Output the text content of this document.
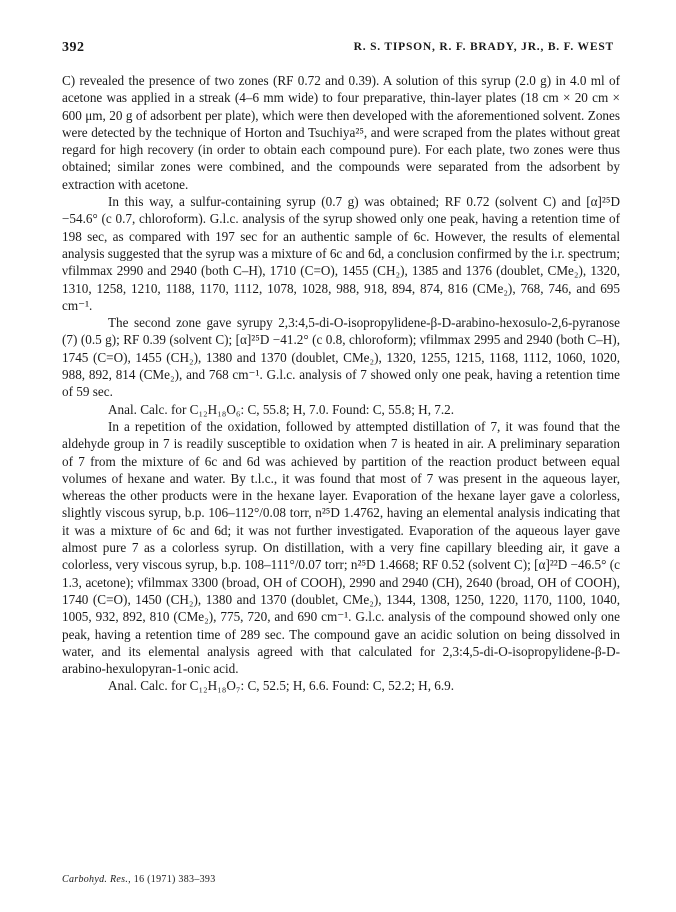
392	R. S. TIPSON, R. F. BRADY, JR., B. F. WEST

C) revealed the presence of two zones (RF 0.72 and 0.39). A solution of this syrup (2.0 g) in 4.0 ml of acetone was applied in a streak (4–6 mm wide) to four preparative, thin-layer plates (18 cm × 20 cm × 600 μm, 20 g of adsorbent per plate), which were then developed with the aforementioned solvent. Zones were detected by the technique of Horton and Tsuchiya²⁵, and were scraped from the plates without great regard for high recovery (in order to obtain each compound pure). For each plate, two zones were thus obtained; similar zones were combined, and the compounds were separated from the adsorbent by extraction with acetone.

In this way, a sulfur-containing syrup (0.7 g) was obtained; RF 0.72 (solvent C) and [α]²⁵D −54.6° (c 0.7, chloroform). G.l.c. analysis of the syrup showed only one peak, having a retention time of 198 sec, as compared with 197 sec for an authentic sample of 6c. However, the results of elemental analysis suggested that the syrup was a mixture of 6c and 6d, a conclusion confirmed by the i.r. spectrum; νfilmmax 2990 and 2940 (both C–H), 1710 (C=O), 1455 (CH₂), 1385 and 1376 (doublet, CMe₂), 1320, 1310, 1258, 1210, 1188, 1170, 1112, 1078, 1028, 988, 918, 894, 874, 816 (CMe₂), 768, 746, and 695 cm⁻¹.

The second zone gave syrupy 2,3:4,5-di-O-isopropylidene-β-D-arabino-hexosulo-2,6-pyranose (7) (0.5 g); RF 0.39 (solvent C); [α]²⁵D −41.2° (c 0.8, chloroform); νfilmmax 2995 and 2940 (both C–H), 1745 (C=O), 1455 (CH₂), 1380 and 1370 (doublet, CMe₂), 1320, 1255, 1215, 1168, 1112, 1060, 1020, 988, 892, 814 (CMe₂), and 768 cm⁻¹. G.l.c. analysis of 7 showed only one peak, having a retention time of 59 sec.

Anal. Calc. for C₁₂H₁₈O₆: C, 55.8; H, 7.0. Found: C, 55.8; H, 7.2.

In a repetition of the oxidation, followed by attempted distillation of 7, it was found that the aldehyde group in 7 is readily susceptible to oxidation when 7 is heated in air. A preliminary separation of 7 from the mixture of 6c and 6d was achieved by partition of the reaction product between equal volumes of hexane and water. By t.l.c., it was found that most of 7 was present in the aqueous layer, whereas the other products were in the hexane layer. Evaporation of the hexane layer gave a colorless, slightly viscous syrup, b.p. 106–112°/0.08 torr, n²⁵D 1.4762, having an elemental analysis indicating that it was a mixture of 6c and 6d; it was not further investigated. Evaporation of the aqueous layer gave almost pure 7 as a colorless syrup. On distillation, with a very fine capillary bleeding air, it gave a colorless, very viscous syrup, b.p. 108–111°/0.07 torr; n²⁵D 1.4668; RF 0.52 (solvent C); [α]²²D −46.5° (c 1.3, acetone); νfilmmax 3300 (broad, OH of COOH), 2990 and 2940 (CH), 2640 (broad, OH of COOH), 1740 (C=O), 1450 (CH₂), 1380 and 1370 (doublet, CMe₂), 1344, 1308, 1250, 1220, 1170, 1100, 1040, 1005, 932, 892, 810 (CMe₂), 775, 720, and 690 cm⁻¹. G.l.c. analysis of the compound showed only one peak, having a retention time of 289 sec. The compound gave an acidic solution on being dissolved in water, and its elemental analysis agreed with that calculated for 2,3:4,5-di-O-isopropylidene-β-D-arabino-hexulopyran-1-onic acid.

Anal. Calc. for C₁₂H₁₈O₇: C, 52.5; H, 6.6. Found: C, 52.2; H, 6.9.

Carbohyd. Res., 16 (1971) 383–393
